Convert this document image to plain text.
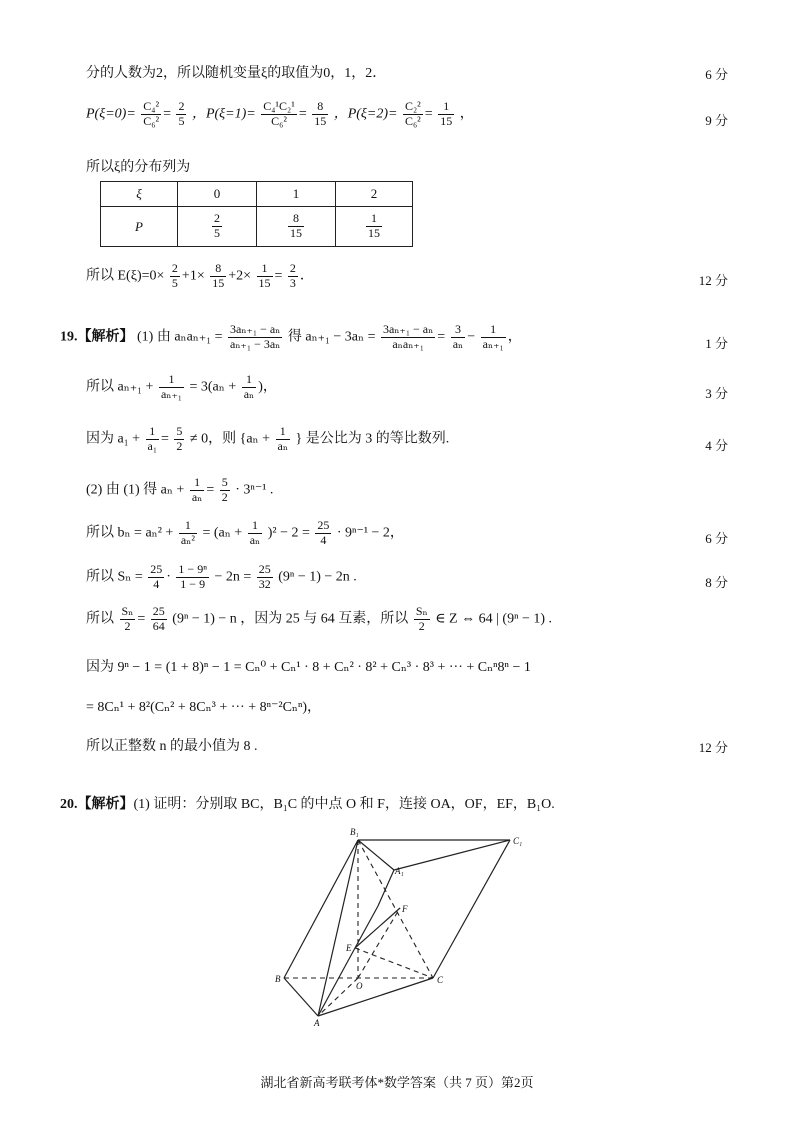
分的人数为2，所以随机变量ξ的取值为0，1，2．	6 分
$P(\xi=0)= \frac{\text{C₄²}}{\text{C₆²}} = \frac{2}{5}$ ，$P(\xi=1)= \frac{\text{C₄¹C₂¹}}{\text{C₆²}} = \frac{8}{15}$ ，$P(\xi=2)= \frac{\text{C₂²}}{\text{C₆²}} = \frac{1}{15}$ ，	9 分
所以ξ的分布列为
ξ	0	1	2
P	$\frac{2}{5}$	$\frac{8}{15}$	$\frac{1}{15}$
所以 $E(\xi)=0\times \frac{2}{5} +1\times \frac{8}{15} +2\times \frac{1}{15} = \frac{2}{3}$ ．	12 分
19.【解析】 (1) 由 $a_na_{n+1} = \frac{\text{3aₙ₊₁ − aₙ}}{\text{aₙ₊₁ − 3aₙ}}$ 得 $a_{n+1} - 3a_n = \frac{\text{3aₙ₊₁ − aₙ}}{\text{aₙaₙ₊₁}} = \frac{3}{\text{aₙ}} - \frac{1}{\text{aₙ₊₁}}$ ，	1 分
所以 $a_{n+1} + \frac{1}{\text{aₙ₊₁}} = 3(a_n + \frac{1}{\text{aₙ}}$ )，	3 分
因为 $a_1 + \frac{1}{\text{a₁}} = \frac{5}{2} \ne 0$，则 {$a_n + \frac{1}{\text{aₙ}}$ } 是公比为 3 的等比数列.	4 分
(2) 由 (1) 得 $a_n + \frac{1}{\text{aₙ}} = \frac{5}{2} \cdot 3^{n-1}$ .
所以 $b_n = a_n^2 + \frac{1}{\text{aₙ²}} = (a_n + \frac{1}{\text{aₙ}} )^2 - 2 = \frac{25}{4} \cdot 9^{n-1} - 2$，	6 分
所以 $S_n = \frac{25}{4} \cdot \frac{\text{1 − 9ⁿ}}{1 - 9} - 2n = \frac{25}{32} (9^n - 1) - 2n$ .	8 分
所以 $\frac{\text{Sₙ}}{2} = \frac{25}{64} (9^n - 1) - n$ ，因为 25 与 64 互素，所以 $\frac{\text{Sₙ}}{2}$ ∈ Z ⇔ 64 | (9ⁿ − 1) .
因为 9ⁿ − 1 = (1 + 8)ⁿ − 1 = Cₙ⁰ + Cₙ¹ · 8 + Cₙ² · 8² + Cₙ³ · 8³ + ··· + Cₙⁿ8ⁿ − 1
= 8Cₙ¹ + 8²(Cₙ² + 8Cₙ³ + ··· + 8ⁿ⁻²Cₙⁿ)，
所以正整数 n 的最小值为 8 .	12 分
20.【解析】(1) 证明：分别取 BC，B₁C 的中点 O 和 F，连接 OA，OF，EF，B₁O.
B₁
C₁
A₁
F
E
B
O
C
A
湖北省新高考联考体*数学答案（共 7 页）第2页
